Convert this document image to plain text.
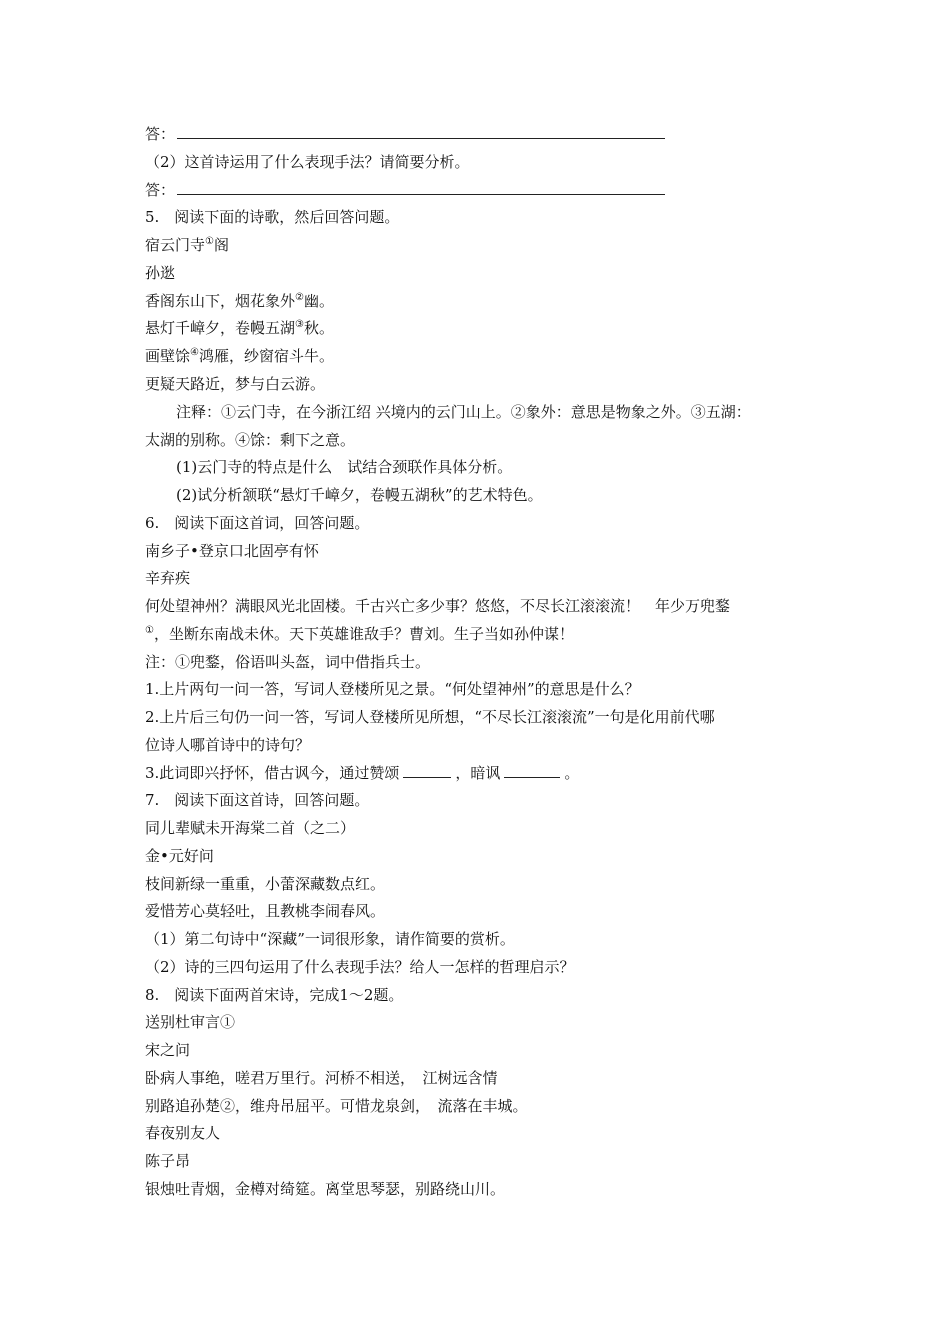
答：
（2）这首诗运用了什么表现手法？请简要分析。
答：
5.　阅读下面的诗歌，然后回答问题。
宿云门寺①阁
孙逖
香阁东山下，烟花象外②幽。
悬灯千嶂夕，卷幔五湖③秋。
画壁馀④鸿雁，纱窗宿斗牛。
更疑天路近，梦与白云游。
注释：①云门寺，在今浙江绍 兴境内的云门山上。②象外：意思是物象之外。③五湖：
太湖的别称。④馀：剩下之意。
(1)云门寺的特点是什么　试结合颈联作具体分析。
(2)试分析颔联“悬灯千嶂夕，卷幔五湖秋”的艺术特色。
6.　阅读下面这首词，回答问题。
南乡子•登京口北固亭有怀
辛弃疾
何处望神州？满眼风光北固楼。千古兴亡多少事？悠悠，不尽长江滚滚流！　年少万兜鍪
①，坐断东南战未休。天下英雄谁敌手？曹刘。生子当如孙仲谋！
注：①兜鍪，俗语叫头盔，词中借指兵士。
1.上片两句一问一答，写词人登楼所见之景。“何处望神州”的意思是什么？
2.上片后三句仍一问一答，写词人登楼所见所想，“不尽长江滚滚流”一句是化用前代哪
位诗人哪首诗中的诗句？
3.此词即兴抒怀，借古讽今，通过赞颂	，暗讽	。
7.　阅读下面这首诗，回答问题。
同儿辈赋未开海棠二首（之二）
金•元好问
枝间新绿一重重，小蕾深藏数点红。
爱惜芳心莫轻吐，且教桃李闹春风。
（1）第二句诗中“深藏”一词很形象，请作简要的赏析。
（2）诗的三四句运用了什么表现手法？给人一怎样的哲理启示？
8.　阅读下面两首宋诗，完成1～2题。
送别杜审言①
宋之问
卧病人事绝，嗟君万里行。河桥不相送，　江树远含情
别路追孙楚②，维舟吊屈平。可惜龙泉剑，　流落在丰城。
春夜别友人
陈子昂
银烛吐青烟，金樽对绮筵。离堂思琴瑟，别路绕山川。
